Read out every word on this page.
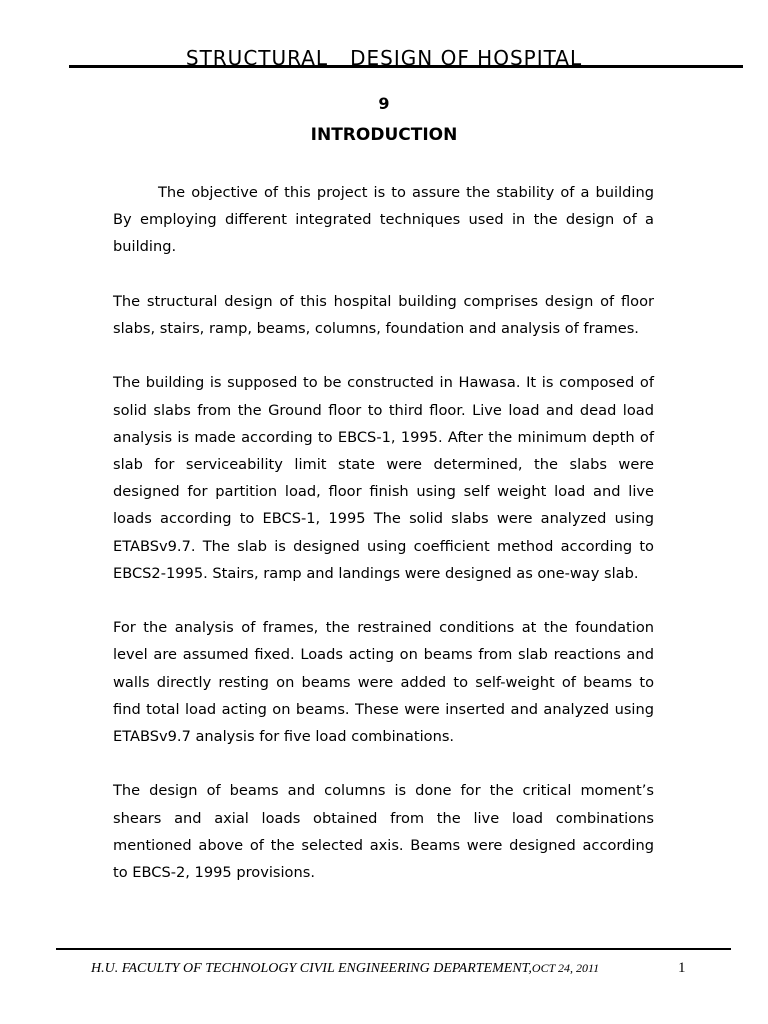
STRUCTURAL   DESIGN OF HOSPITAL
9
INTRODUCTION

The objective of this project is to assure the stability of a building By employing different integrated techniques used in the design of a building.

The structural design of this hospital building comprises design of floor slabs, stairs, ramp, beams, columns, foundation and analysis of frames.

The building is supposed to be constructed in Hawasa. It is composed of solid slabs from the Ground floor to third floor. Live load and dead load analysis is made according to EBCS-1, 1995. After the minimum depth of slab for serviceability limit state were determined, the slabs were designed for partition load, floor finish using self weight load and live loads according to EBCS-1, 1995 The solid slabs were analyzed using ETABSv9.7. The slab is designed using coefficient method according to EBCS2-1995. Stairs, ramp and landings were designed as one-way slab.

For the analysis of frames, the restrained conditions at the foundation level are assumed fixed. Loads acting on beams from slab reactions and walls directly resting on beams were added to self-weight of beams to find total load acting on beams. These were inserted and analyzed using ETABSv9.7 analysis for five load combinations.

The design of beams and columns is done for the critical moment’s shears and axial loads obtained from the live load combinations mentioned above of the selected axis. Beams were designed according to EBCS-2, 1995 provisions.

H.U. FACULTY OF TECHNOLOGY CIVIL ENGINEERING DEPARTEMENT,OCT 24, 2011	1
